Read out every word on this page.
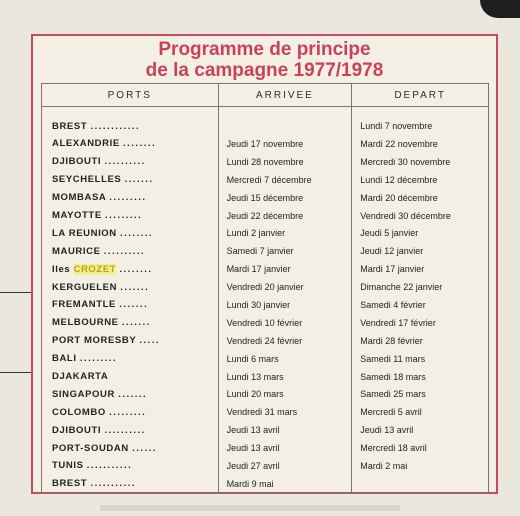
Programme de principe
de la campagne 1977/1978
PORTS	ARRIVEE	DEPART
BREST ............		Lundi 7 novembre
ALEXANDRIE ........	Jeudi 17 novembre	Mardi 22 novembre
DJIBOUTI ..........	Lundi 28 novembre	Mercredi 30 novembre
SEYCHELLES .......	Mercredi 7 décembre	Lundi 12 décembre
MOMBASA .........	Jeudi 15 décembre	Mardi 20 décembre
MAYOTTE .........	Jeudi 22 décembre	Vendredi 30 décembre
LA REUNION ........	Lundi 2 janvier	Jeudi 5 janvier
MAURICE ..........	Samedi 7 janvier	Jeudi 12 janvier
Iles CROZET ........	Mardi 17 janvier	Mardi 17 janvier
KERGUELEN .......	Vendredi 20 janvier	Dimanche 22 janvier
FREMANTLE .......	Lundi 30 janvier	Samedi 4 février
MELBOURNE .......	Vendredi 10 février	Vendredi 17 février
PORT MORESBY .....	Vendredi 24 février	Mardi 28 février
BALI .........	Lundi 6 mars	Samedi 11 mars
DJAKARTA	Lundi 13 mars	Samedi 18 mars
SINGAPOUR .......	Lundi 20 mars	Samedi 25 mars
COLOMBO .........	Vendredi 31 mars	Mercredi 5 avril
DJIBOUTI ..........	Jeudi 13 avril	Jeudi 13 avril
PORT-SOUDAN ......	Jeudi 13 avril	Mercredi 18 avril
TUNIS ...........	Jeudi 27 avril	Mardi 2 mai
BREST ...........	Mardi 9 mai	
